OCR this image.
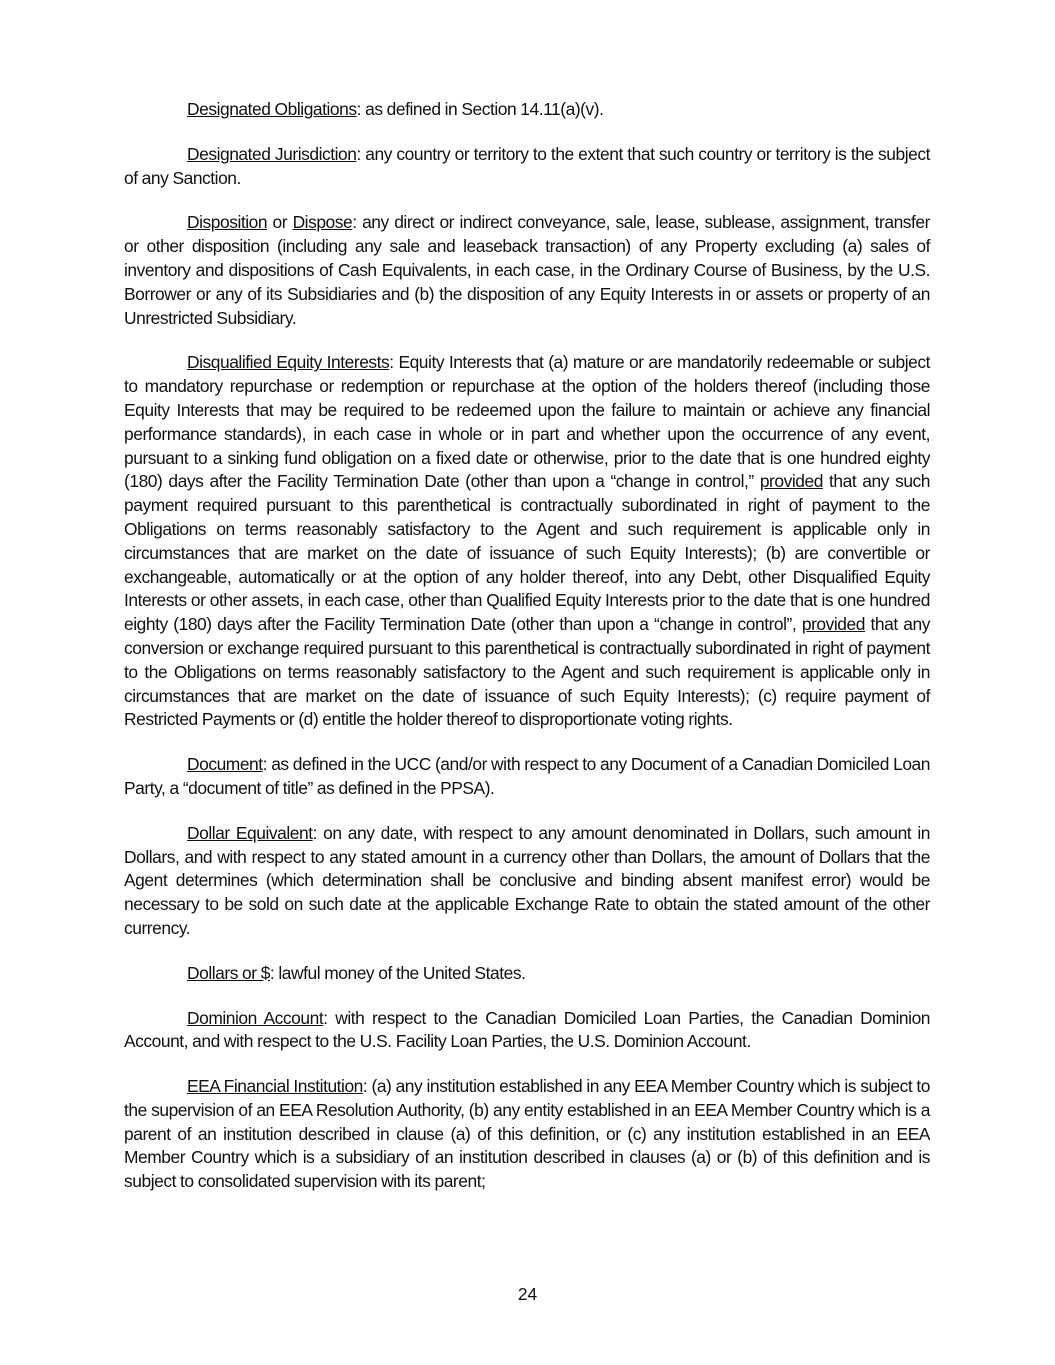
Designated Obligations: as defined in Section 14.11(a)(v).

Designated Jurisdiction: any country or territory to the extent that such country or territory is the subject of any Sanction.

Disposition or Dispose: any direct or indirect conveyance, sale, lease, sublease, assignment, transfer or other disposition (including any sale and leaseback transaction) of any Property excluding (a) sales of inventory and dispositions of Cash Equivalents, in each case, in the Ordinary Course of Business, by the U.S. Borrower or any of its Subsidiaries and (b) the disposition of any Equity Interests in or assets or property of an Unrestricted Subsidiary.

Disqualified Equity Interests: Equity Interests that (a) mature or are mandatorily redeemable or subject to mandatory repurchase or redemption or repurchase at the option of the holders thereof (including those Equity Interests that may be required to be redeemed upon the failure to maintain or achieve any financial performance standards), in each case in whole or in part and whether upon the occurrence of any event, pursuant to a sinking fund obligation on a fixed date or otherwise, prior to the date that is one hundred eighty (180) days after the Facility Termination Date (other than upon a “change in control,” provided that any such payment required pursuant to this parenthetical is contractually subordinated in right of payment to the Obligations on terms reasonably satisfactory to the Agent and such requirement is applicable only in circumstances that are market on the date of issuance of such Equity Interests); (b) are convertible or exchangeable, automatically or at the option of any holder thereof, into any Debt, other Disqualified Equity Interests or other assets, in each case, other than Qualified Equity Interests prior to the date that is one hundred eighty (180) days after the Facility Termination Date (other than upon a “change in control”, provided that any conversion or exchange required pursuant to this parenthetical is contractually subordinated in right of payment to the Obligations on terms reasonably satisfactory to the Agent and such requirement is applicable only in circumstances that are market on the date of issuance of such Equity Interests); (c) require payment of Restricted Payments or (d) entitle the holder thereof to disproportionate voting rights.

Document: as defined in the UCC (and/or with respect to any Document of a Canadian Domiciled Loan Party, a “document of title” as defined in the PPSA).

Dollar Equivalent: on any date, with respect to any amount denominated in Dollars, such amount in Dollars, and with respect to any stated amount in a currency other than Dollars, the amount of Dollars that the Agent determines (which determination shall be conclusive and binding absent manifest error) would be necessary to be sold on such date at the applicable Exchange Rate to obtain the stated amount of the other currency.

Dollars or $: lawful money of the United States.

Dominion Account: with respect to the Canadian Domiciled Loan Parties, the Canadian Dominion Account, and with respect to the U.S. Facility Loan Parties, the U.S. Dominion Account.

EEA Financial Institution: (a) any institution established in any EEA Member Country which is subject to the supervision of an EEA Resolution Authority, (b) any entity established in an EEA Member Country which is a parent of an institution described in clause (a) of this definition, or (c) any institution established in an EEA Member Country which is a subsidiary of an institution described in clauses (a) or (b) of this definition and is subject to consolidated supervision with its parent;

24
